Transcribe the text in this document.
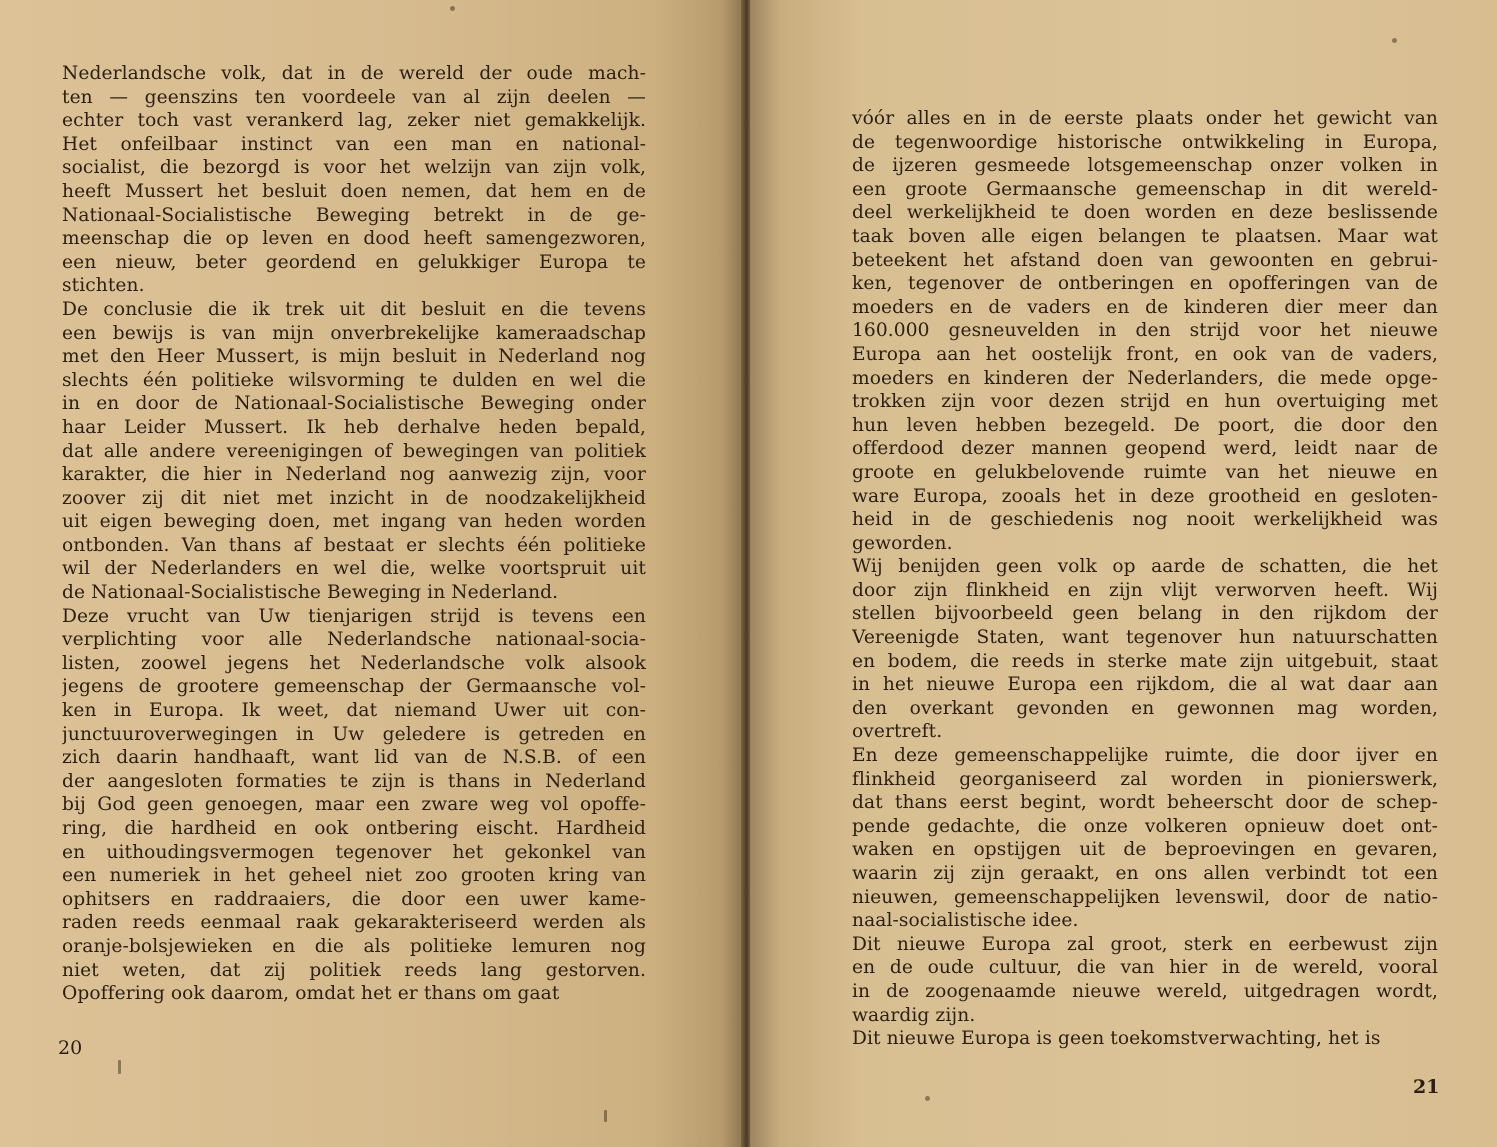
Nederlandsche volk, dat in de wereld der oude mach-
ten — geenszins ten voordeele van al zijn deelen —
echter toch vast verankerd lag, zeker niet gemakkelijk.
Het onfeilbaar instinct van een man en national-
socialist, die bezorgd is voor het welzijn van zijn volk,
heeft Mussert het besluit doen nemen, dat hem en de
Nationaal-Socialistische Beweging betrekt in de ge-
meenschap die op leven en dood heeft samengezworen,
een nieuw, beter geordend en gelukkiger Europa te
stichten.
De conclusie die ik trek uit dit besluit en die tevens
een bewijs is van mijn onverbrekelijke kameraadschap
met den Heer Mussert, is mijn besluit in Nederland nog
slechts één politieke wilsvorming te dulden en wel die
in en door de Nationaal-Socialistische Beweging onder
haar Leider Mussert. Ik heb derhalve heden bepald,
dat alle andere vereenigingen of bewegingen van politiek
karakter, die hier in Nederland nog aanwezig zijn, voor
zoover zij dit niet met inzicht in de noodzakelijkheid
uit eigen beweging doen, met ingang van heden worden
ontbonden. Van thans af bestaat er slechts één politieke
wil der Nederlanders en wel die, welke voortspruit uit
de Nationaal-Socialistische Beweging in Nederland.
Deze vrucht van Uw tienjarigen strijd is tevens een
verplichting voor alle Nederlandsche nationaal-socia-
listen, zoowel jegens het Nederlandsche volk alsook
jegens de grootere gemeenschap der Germaansche vol-
ken in Europa. Ik weet, dat niemand Uwer uit con-
junctuuroverwegingen in Uw geledere is getreden en
zich daarin handhaaft, want lid van de N.S.B. of een
der aangesloten formaties te zijn is thans in Nederland
bij God geen genoegen, maar een zware weg vol opoffe-
ring, die hardheid en ook ontbering eischt. Hardheid
en uithoudingsvermogen tegenover het gekonkel van
een numeriek in het geheel niet zoo grooten kring van
ophitsers en raddraaiers, die door een uwer kame-
raden reeds eenmaal raak gekarakteriseerd werden als
oranje-bolsjewieken en die als politieke lemuren nog
niet weten, dat zij politiek reeds lang gestorven.
Opoffering ook daarom, omdat het er thans om gaat
20
vóór alles en in de eerste plaats onder het gewicht van
de tegenwoordige historische ontwikkeling in Europa,
de ijzeren gesmeede lotsgemeenschap onzer volken in
een groote Germaansche gemeenschap in dit wereld-
deel werkelijkheid te doen worden en deze beslissende
taak boven alle eigen belangen te plaatsen. Maar wat
beteekent het afstand doen van gewoonten en gebrui-
ken, tegenover de ontberingen en opofferingen van de
moeders en de vaders en de kinderen dier meer dan
160.000 gesneuvelden in den strijd voor het nieuwe
Europa aan het oostelijk front, en ook van de vaders,
moeders en kinderen der Nederlanders, die mede opge-
trokken zijn voor dezen strijd en hun overtuiging met
hun leven hebben bezegeld. De poort, die door den
offerdood dezer mannen geopend werd, leidt naar de
groote en gelukbelovende ruimte van het nieuwe en
ware Europa, zooals het in deze grootheid en gesloten-
heid in de geschiedenis nog nooit werkelijkheid was
geworden.
Wij benijden geen volk op aarde de schatten, die het
door zijn flinkheid en zijn vlijt verworven heeft. Wij
stellen bijvoorbeeld geen belang in den rijkdom der
Vereenigde Staten, want tegenover hun natuurschatten
en bodem, die reeds in sterke mate zijn uitgebuit, staat
in het nieuwe Europa een rijkdom, die al wat daar aan
den overkant gevonden en gewonnen mag worden,
overtreft.
En deze gemeenschappelijke ruimte, die door ijver en
flinkheid georganiseerd zal worden in pionierswerk,
dat thans eerst begint, wordt beheerscht door de schep-
pende gedachte, die onze volkeren opnieuw doet ont-
waken en opstijgen uit de beproevingen en gevaren,
waarin zij zijn geraakt, en ons allen verbindt tot een
nieuwen, gemeenschappelijken levenswil, door de natio-
naal-socialistische idee.
Dit nieuwe Europa zal groot, sterk en eerbewust zijn
en de oude cultuur, die van hier in de wereld, vooral
in de zoogenaamde nieuwe wereld, uitgedragen wordt,
waardig zijn.
Dit nieuwe Europa is geen toekomstverwachting, het is
21
